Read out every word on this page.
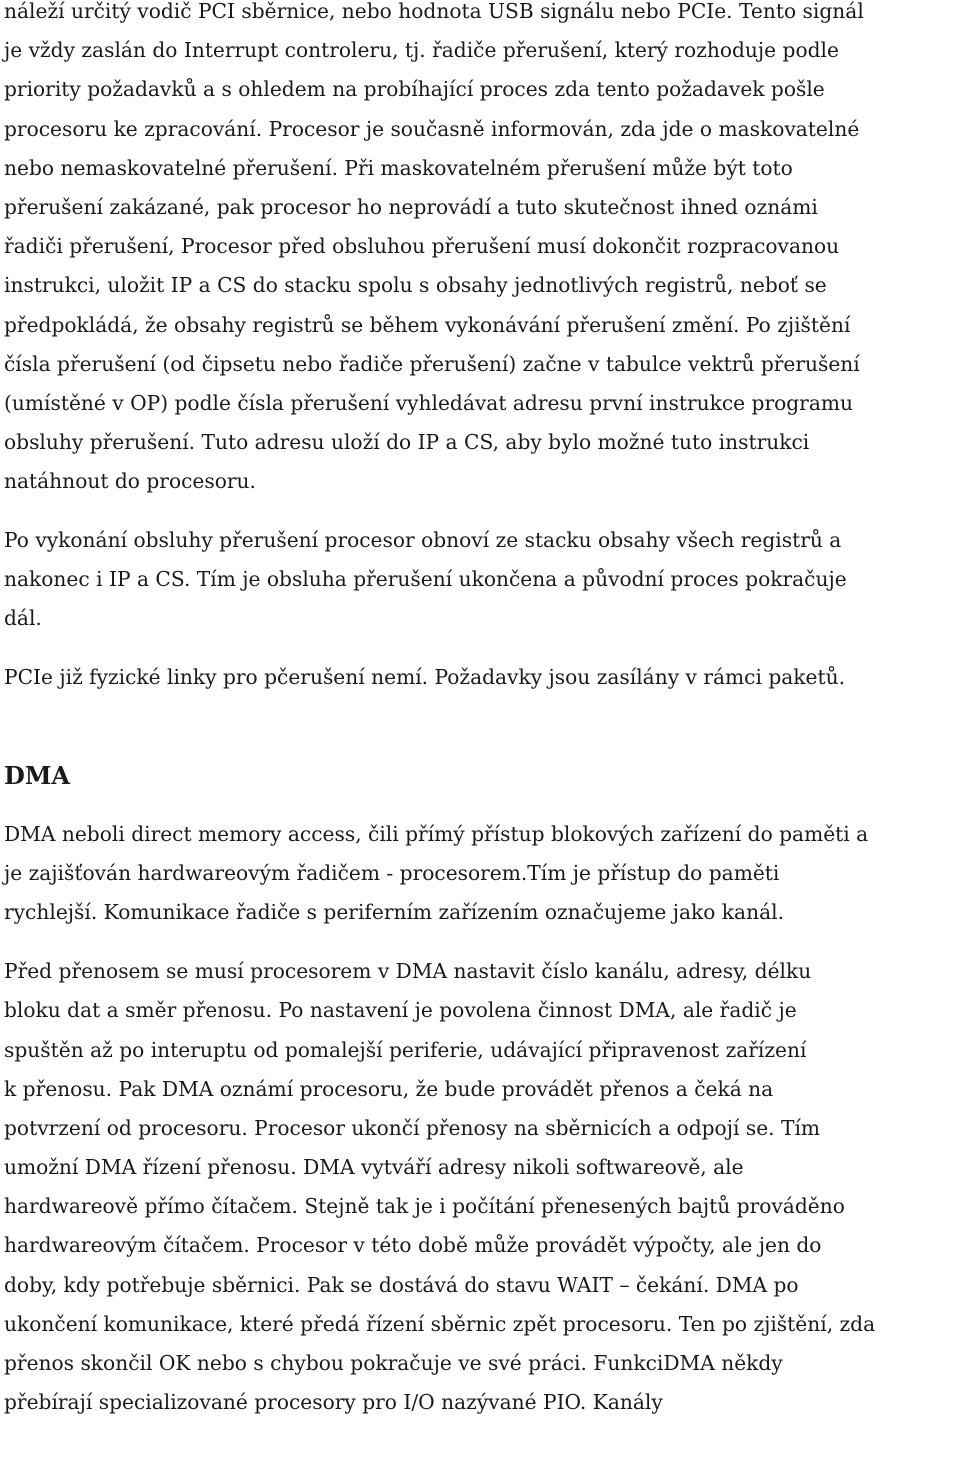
náleží určitý vodič PCI sběrnice, nebo hodnota USB signálu nebo PCIe. Tento signál
je vždy zaslán do Interrupt controleru, tj. řadiče přerušení, který rozhoduje podle
priority požadavků a s ohledem na probíhající proces zda tento požadavek pošle
procesoru ke zpracování. Procesor je současně informován, zda jde o maskovatelné
nebo nemaskovatelné přerušení. Při maskovatelném přerušení může být toto
přerušení zakázané, pak procesor ho neprovádí a tuto skutečnost ihned oznámi
řadiči přerušení, Procesor před obsluhou přerušení musí dokončit rozpracovanou
instrukci, uložit IP a CS do stacku spolu s obsahy jednotlivých registrů, neboť se
předpokládá, že obsahy registrů se během vykonávání přerušení změní. Po zjištění
čísla přerušení (od čipsetu nebo řadiče přerušení) začne v tabulce vektrů přerušení
(umístěné v OP) podle čísla přerušení vyhledávat adresu první instrukce programu
obsluhy přerušení. Tuto adresu uloží do IP a CS, aby bylo možné tuto instrukci
natáhnout do procesoru.

Po vykonání obsluhy přerušení procesor obnoví ze stacku obsahy všech registrů a
nakonec i IP a CS. Tím je obsluha přerušení ukončena a původní proces pokračuje
dál.

PCIe již fyzické linky pro pčerušení nemí. Požadavky jsou zasílány v rámci paketů.

DMA

DMA neboli direct memory access, čili přímý přístup blokových zařízení do paměti a
je zajišťován hardwareovým řadičem - procesorem.Tím je přístup do paměti
rychlejší. Komunikace řadiče s periferním zařízením označujeme jako kanál.

Před přenosem se musí procesorem v DMA nastavit číslo kanálu, adresy, délku
bloku dat a směr přenosu. Po nastavení je povolena činnost DMA, ale řadič je
spuštěn až po interuptu od pomalejší periferie, udávající připravenost zařízení
k přenosu. Pak DMA oznámí procesoru, že bude provádět přenos a čeká na
potvrzení od procesoru. Procesor ukončí přenosy na sběrnicích a odpojí se. Tím
umožní DMA řízení přenosu. DMA vytváří adresy nikoli softwareově, ale
hardwareově přímo čítačem. Stejně tak je i počítání přenesených bajtů prováděno
hardwareovým čítačem. Procesor v této době může provádět výpočty, ale jen do
doby, kdy potřebuje sběrnici. Pak se dostává do stavu WAIT – čekání. DMA po
ukončení komunikace, které předá řízení sběrnic zpět procesoru. Ten po zjištění, zda
přenos skončil OK nebo s chybou pokračuje ve své práci. FunkciDMA někdy
přebírají specializované procesory pro I/O nazývané PIO. Kanály
